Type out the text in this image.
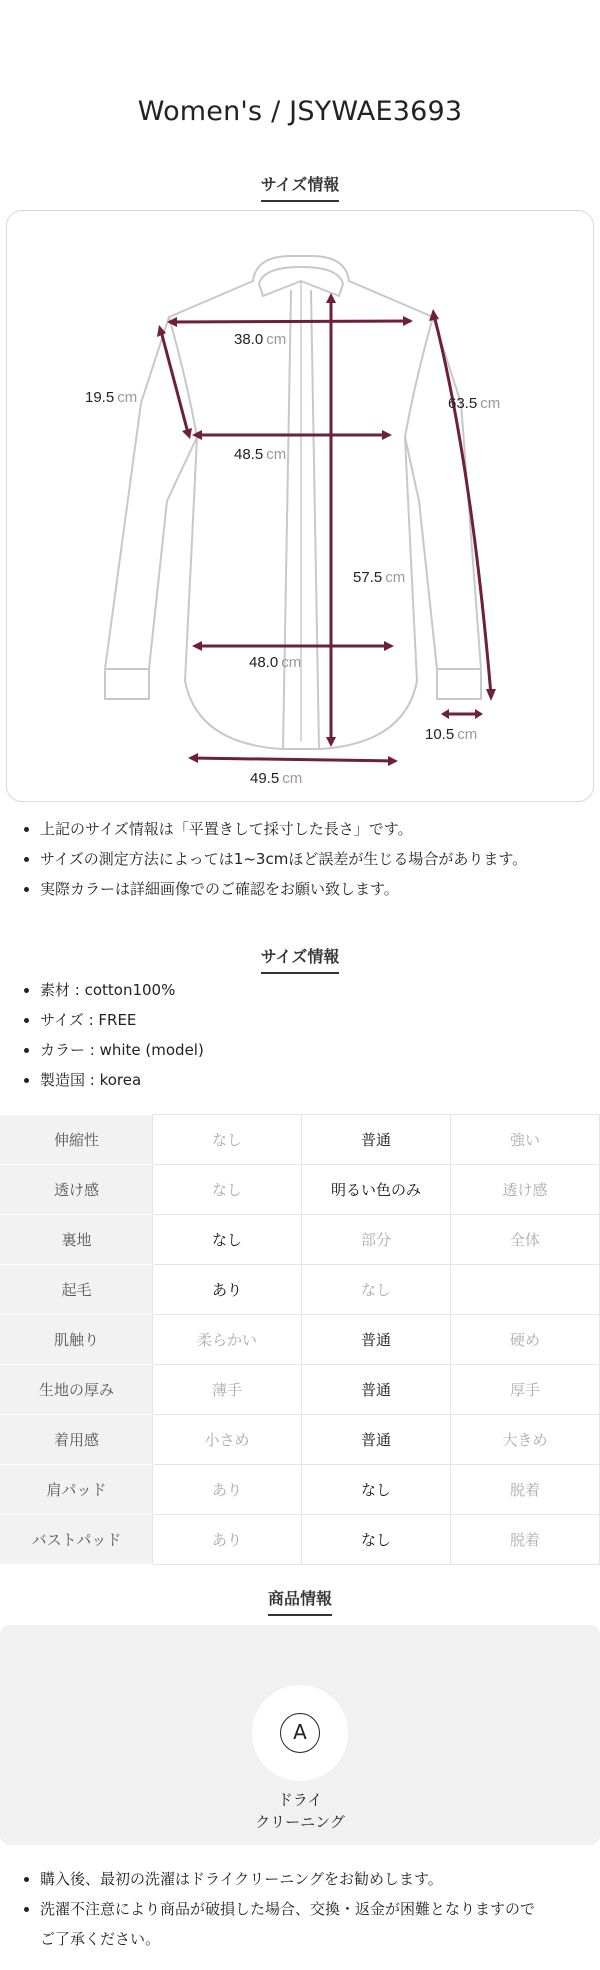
Women's / JSYWAE3693
サイズ情報
38.0 cm
19.5 cm	63.5 cm
48.5 cm
57.5 cm
48.0 cm
10.5 cm
49.5 cm
上記のサイズ情報は「平置きして採寸した長さ」です。
サイズの測定方法によっては1~3cmほど誤差が生じる場合があります。
実際カラーは詳細画像でのご確認をお願い致します。
サイズ情報
素材 : cotton100%
サイズ : FREE
カラー : white (model)
製造国 : korea
伸縮性	なし	普通	強い
透け感	なし	明るい色のみ	透け感
裏地	なし	部分	全体
起毛	あり	なし	
肌触り	柔らかい	普通	硬め
生地の厚み	薄手	普通	厚手
着用感	小さめ	普通	大きめ
肩パッド	あり	なし	脱着
バストパッド	あり	なし	脱着
商品情報
A
ドライ
クリーニング
購入後、最初の洗濯はドライクリーニングをお勧めします。
洗濯不注意により商品が破損した場合、交換・返金が困難となりますので
ご了承ください。
